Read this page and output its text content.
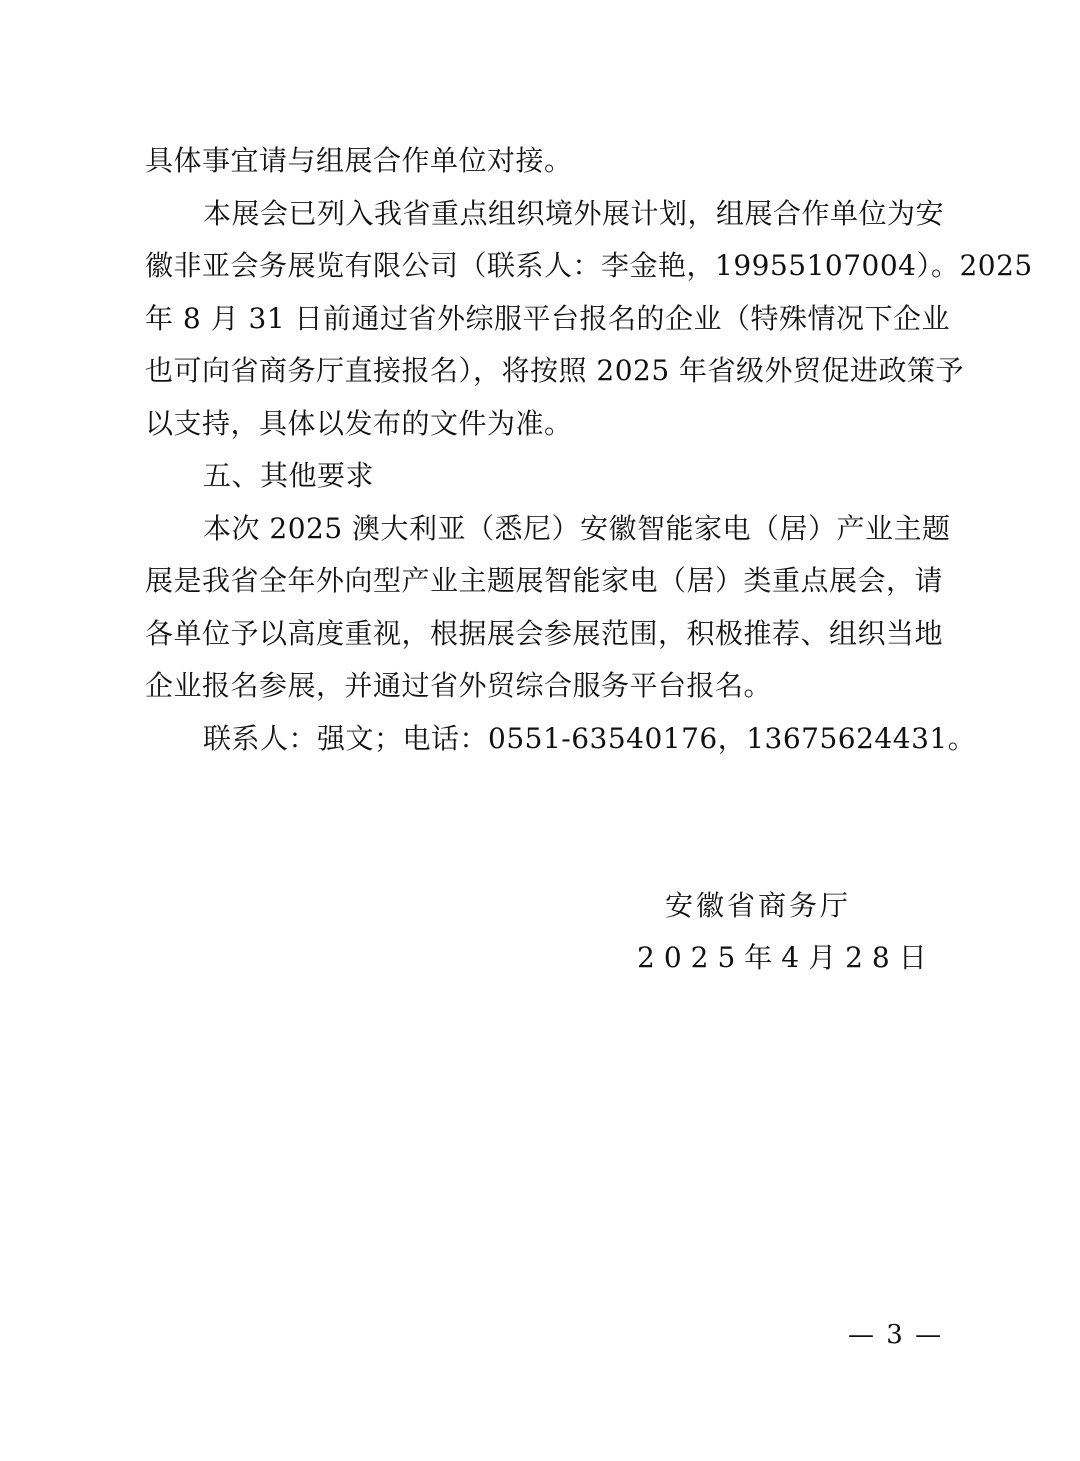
具体事宜请与组展合作单位对接。
本展会已列入我省重点组织境外展计划，组展合作单位为安
徽非亚会务展览有限公司（联系人：李金艳，19955107004）。2025
年 8 月 31 日前通过省外综服平台报名的企业（特殊情况下企业
也可向省商务厅直接报名），将按照 2025 年省级外贸促进政策予
以支持，具体以发布的文件为准。
五、其他要求
本次 2025 澳大利亚（悉尼）安徽智能家电（居）产业主题
展是我省全年外向型产业主题展智能家电（居）类重点展会，请
各单位予以高度重视，根据展会参展范围，积极推荐、组织当地
企业报名参展，并通过省外贸综合服务平台报名。
联系人：强文；电话：0551-63540176，13675624431。
安徽省商务厅
2025年4月28日
— 3 —
